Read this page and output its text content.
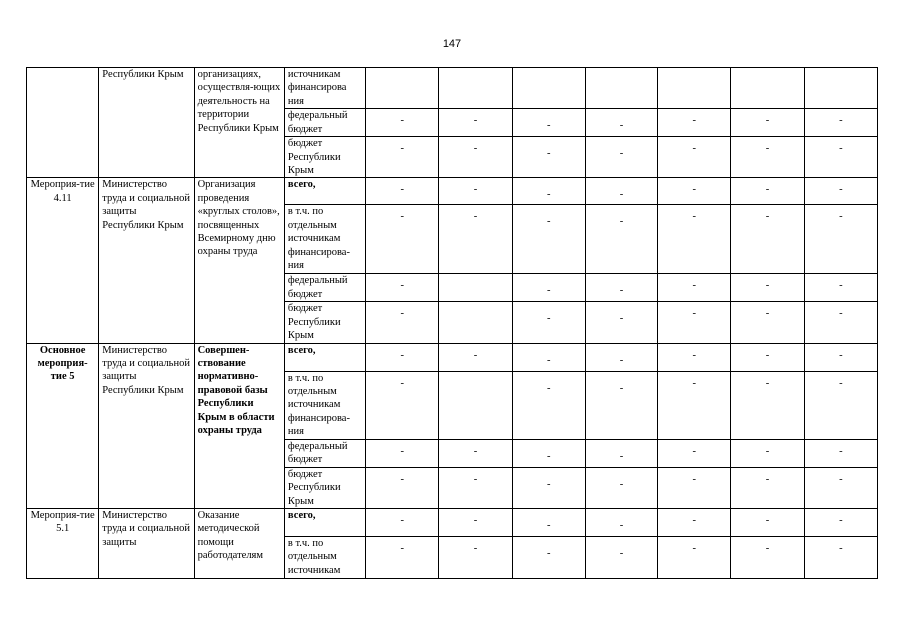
147
	Республики Крым	организациях, осуществля-ющих деятельность на территории Республики Крым	источникам финансирова ния	

			федеральный бюджет	-	-	-	-	-	-	-

			бюджет Республики Крым	-	-	-	-	-	-	-

Мероприя-тие 4.11	Министерство труда и социальной защиты Республики Крым	Организация проведения «круглых столов», посвященных Всемирному дню охраны труда	всего,	-	-	-	-	-	-	-

			в т.ч. по отдельным источникам финансирова-ния	-	-	-	-	-	-	-

			федеральный бюджет	-		-	-	-	-	-

			бюджет Республики Крым	-		-	-	-	-	-

Основное мероприя-тие 5	Министерство труда и социальной защиты Республики Крым	Совершен-ствование нормативно-правовой базы Республики Крым в области охраны труда	всего,	-	-	-	-	-	-	-

			в т.ч. по отдельным источникам финансирова-ния	-		-	-	-	-	-

			федеральный бюджет	-	-	-	-	-	-	-

			бюджет Республики Крым	-	-	-	-	-	-	-

Мероприя-тие 5.1	Министерство труда и социальной защиты	Оказание методической помощи работодателям	всего,	-	-	-	-	-	-	-

			в т.ч. по отдельным источникам	-	-	-	-	-	-	-
